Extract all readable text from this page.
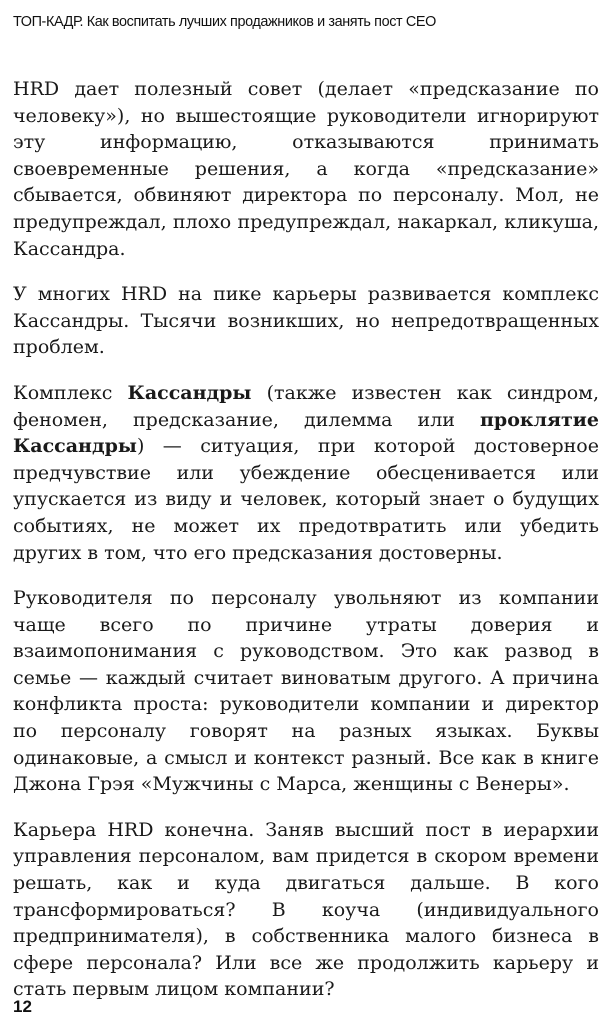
ТОП-КАДР. Как воспитать лучших продажников и занять пост CEO

HRD дает полезный совет (делает «предсказание по человеку»), но вышестоящие руководители игнорируют эту информацию, отказываются принимать своевременные решения, а когда «предсказание» сбывается, обвиняют директора по персоналу. Мол, не предупреждал, плохо предупреждал, накаркал, кликуша, Кассандра.

У многих HRD на пике карьеры развивается комплекс Кассандры. Тысячи возникших, но непредотвращенных проблем.

Комплекс Кассандры (также известен как синдром, феномен, предсказание, дилемма или проклятие Кассандры) — ситуация, при которой достоверное предчувствие или убеждение обесценивается или упускается из виду и человек, который знает о будущих событиях, не может их предотвратить или убедить других в том, что его предсказания достоверны.

Руководителя по персоналу увольняют из компании чаще всего по причине утраты доверия и взаимопонимания с руководством. Это как развод в семье — каждый считает виноватым другого. А причина конфликта проста: руководители компании и директор по персоналу говорят на разных языках. Буквы одинаковые, а смысл и контекст разный. Все как в книге Джона Грэя «Мужчины с Марса, женщины с Венеры».

Карьера HRD конечна. Заняв высший пост в иерархии управления персоналом, вам придется в скором времени решать, как и куда двигаться дальше. В кого трансформироваться? В коуча (индивидуального предпринимателя), в собственника малого бизнеса в сфере персонала? Или все же продолжить карьеру и стать первым лицом компании?

12
